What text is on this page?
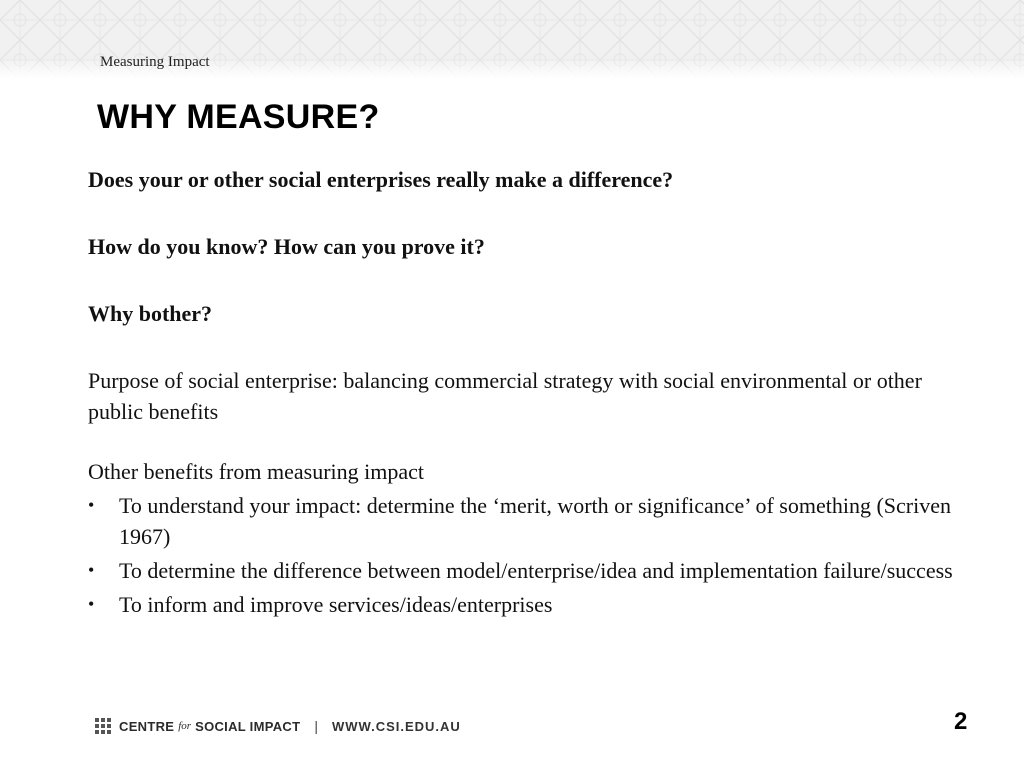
Measuring Impact
WHY MEASURE?

Does your or other social enterprises really make a difference?

How do you know? How can you prove it?

Why bother?

Purpose of social enterprise: balancing commercial strategy with social environmental or other public benefits

Other benefits from measuring impact

• To understand your impact: determine the ‘merit, worth or significance’ of something (Scriven 1967)
• To determine the difference between model/enterprise/idea and implementation failure/success
• To inform and improve services/ideas/enterprises
CENTRE for SOCIAL IMPACT | WWW.CSI.EDU.AU	2
